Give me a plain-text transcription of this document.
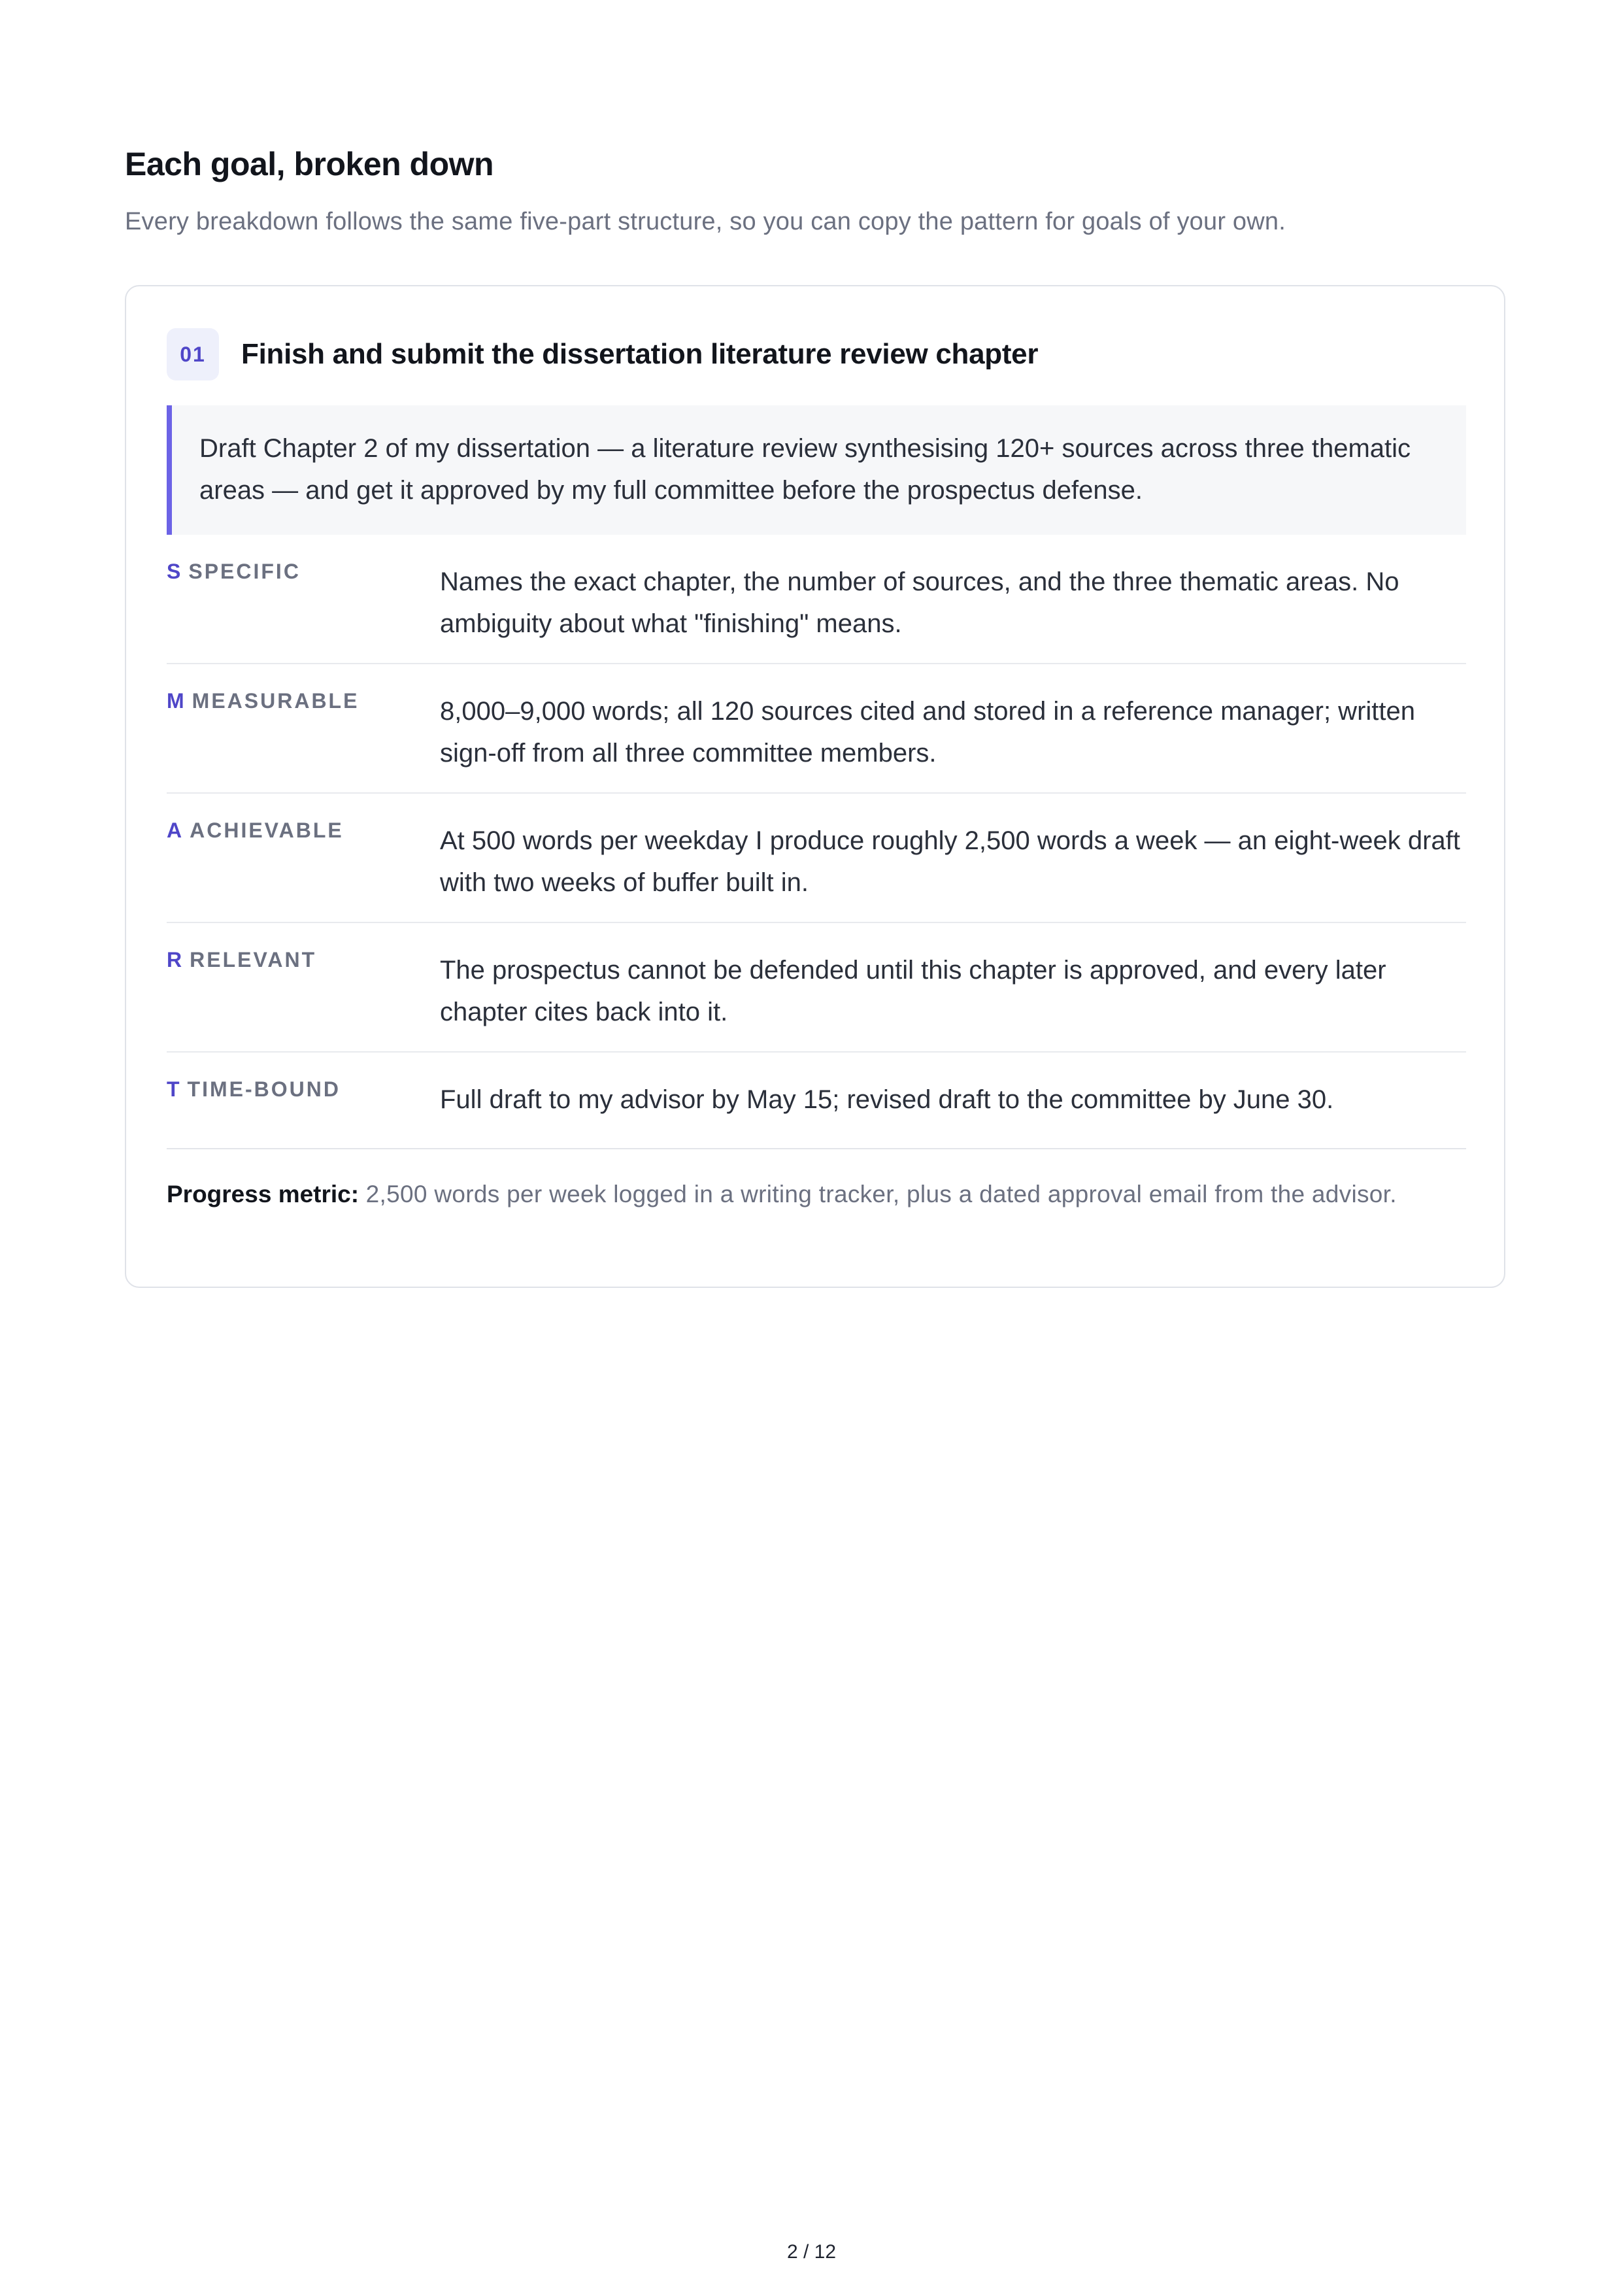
Each goal, broken down

Every breakdown follows the same five-part structure, so you can copy the pattern for goals of your own.

01	Finish and submit the dissertation literature review chapter
Draft Chapter 2 of my dissertation — a literature review synthesising 120+ sources across three thematic areas — and get it approved by my full committee before the prospectus defense.
S SPECIFIC	Names the exact chapter, the number of sources, and the three thematic areas. No ambiguity about what "finishing" means.
M MEASURABLE	8,000–9,000 words; all 120 sources cited and stored in a reference manager; written sign-off from all three committee members.
A ACHIEVABLE	At 500 words per weekday I produce roughly 2,500 words a week — an eight-week draft with two weeks of buffer built in.
R RELEVANT	The prospectus cannot be defended until this chapter is approved, and every later chapter cites back into it.
T TIME-BOUND	Full draft to my advisor by May 15; revised draft to the committee by June 30.

Progress metric: 2,500 words per week logged in a writing tracker, plus a dated approval email from the advisor.

2 / 12
